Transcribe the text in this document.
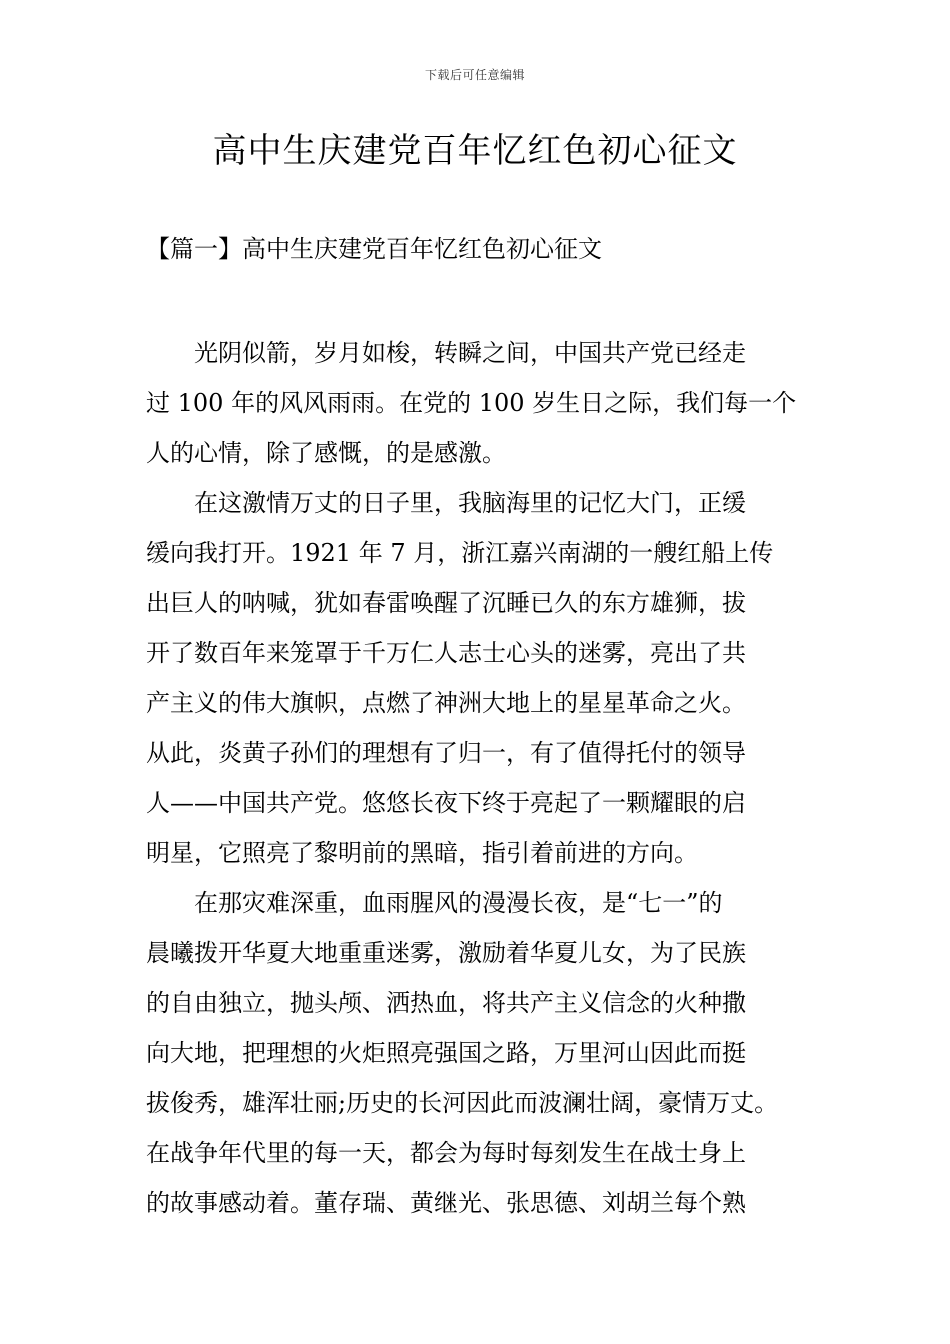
下载后可任意编辑
高中生庆建党百年忆红色初心征文
【篇一】高中生庆建党百年忆红色初心征文
　　光阴似箭，岁月如梭，转瞬之间，中国共产党已经走
过 100 年的风风雨雨。在党的 100 岁生日之际，我们每一个
人的心情，除了感慨，的是感激。
　　在这激情万丈的日子里，我脑海里的记忆大门，正缓
缓向我打开。1921 年 7 月，浙江嘉兴南湖的一艘红船上传
出巨人的呐喊，犹如春雷唤醒了沉睡已久的东方雄狮，拔
开了数百年来笼罩于千万仁人志士心头的迷雾，亮出了共
产主义的伟大旗帜，点燃了神洲大地上的星星革命之火。
从此，炎黄子孙们的理想有了归一，有了值得托付的领导
人——中国共产党。悠悠长夜下终于亮起了一颗耀眼的启
明星，它照亮了黎明前的黑暗，指引着前进的方向。
　　在那灾难深重，血雨腥风的漫漫长夜，是“七一”的
晨曦拨开华夏大地重重迷雾，激励着华夏儿女，为了民族
的自由独立，抛头颅、洒热血，将共产主义信念的火种撒
向大地，把理想的火炬照亮强国之路，万里河山因此而挺
拔俊秀，雄浑壮丽;历史的长河因此而波澜壮阔，豪情万丈。
在战争年代里的每一天，都会为每时每刻发生在战士身上
的故事感动着。董存瑞、黄继光、张思德、刘胡兰每个熟
